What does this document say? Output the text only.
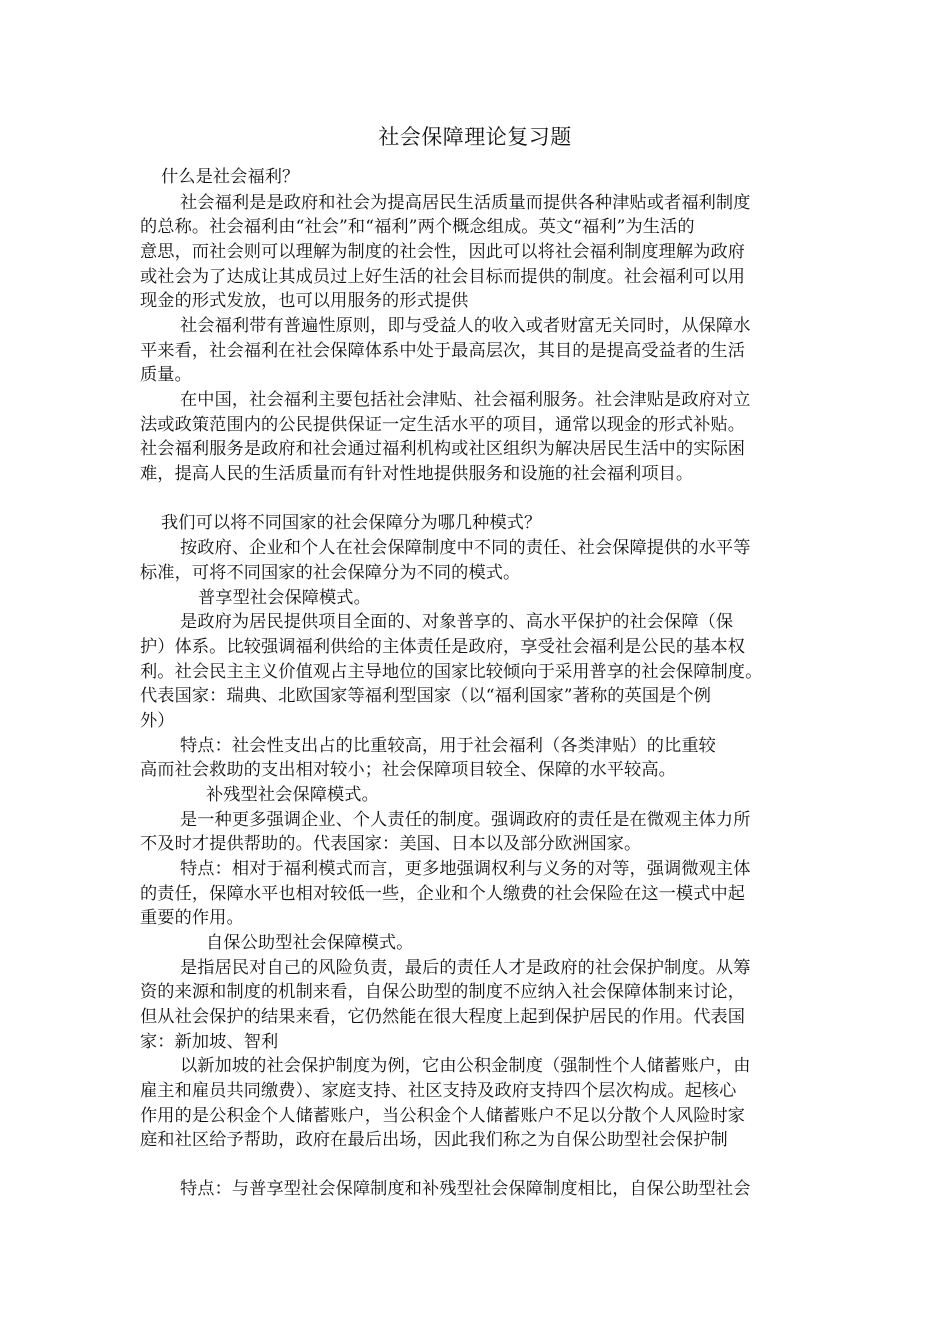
社会保障理论复习题
什么是社会福利？
社会福利是是政府和社会为提高居民生活质量而提供各种津贴或者福利制度
的总称。社会福利由“社会”和“福利”两个概念组成。英文“福利”为生活的
意思，而社会则可以理解为制度的社会性，因此可以将社会福利制度理解为政府
或社会为了达成让其成员过上好生活的社会目标而提供的制度。社会福利可以用
现金的形式发放，也可以用服务的形式提供
社会福利带有普遍性原则，即与受益人的收入或者财富无关同时，从保障水
平来看，社会福利在社会保障体系中处于最高层次，其目的是提高受益者的生活
质量。
在中国，社会福利主要包括社会津贴、社会福利服务。社会津贴是政府对立
法或政策范围内的公民提供保证一定生活水平的项目，通常以现金的形式补贴。
社会福利服务是政府和社会通过福利机构或社区组织为解决居民生活中的实际困
难，提高人民的生活质量而有针对性地提供服务和设施的社会福利项目。
我们可以将不同国家的社会保障分为哪几种模式？
按政府、企业和个人在社会保障制度中不同的责任、社会保障提供的水平等
标准，可将不同国家的社会保障分为不同的模式。
普享型社会保障模式。
是政府为居民提供项目全面的、对象普享的、高水平保护的社会保障（保
护）体系。比较强调福利供给的主体责任是政府，享受社会福利是公民的基本权
利。社会民主主义价值观占主导地位的国家比较倾向于采用普享的社会保障制度。
代表国家：瑞典、北欧国家等福利型国家（以“福利国家”著称的英国是个例
外）
特点：社会性支出占的比重较高，用于社会福利（各类津贴）的比重较
高而社会救助的支出相对较小；社会保障项目较全、保障的水平较高。
补残型社会保障模式。
是一种更多强调企业、个人责任的制度。强调政府的责任是在微观主体力所
不及时才提供帮助的。代表国家：美国、日本以及部分欧洲国家。
特点：相对于福利模式而言，更多地强调权利与义务的对等，强调微观主体
的责任，保障水平也相对较低一些，企业和个人缴费的社会保险在这一模式中起
重要的作用。
自保公助型社会保障模式。
是指居民对自己的风险负责，最后的责任人才是政府的社会保护制度。从筹
资的来源和制度的机制来看，自保公助型的制度不应纳入社会保障体制来讨论，
但从社会保护的结果来看，它仍然能在很大程度上起到保护居民的作用。代表国
家：新加坡、智利
以新加坡的社会保护制度为例，它由公积金制度（强制性个人储蓄账户，由
雇主和雇员共同缴费）、家庭支持、社区支持及政府支持四个层次构成。起核心
作用的是公积金个人储蓄账户，当公积金个人储蓄账户不足以分散个人风险时家
庭和社区给予帮助，政府在最后出场，因此我们称之为自保公助型社会保护制
特点：与普享型社会保障制度和补残型社会保障制度相比，自保公助型社会
